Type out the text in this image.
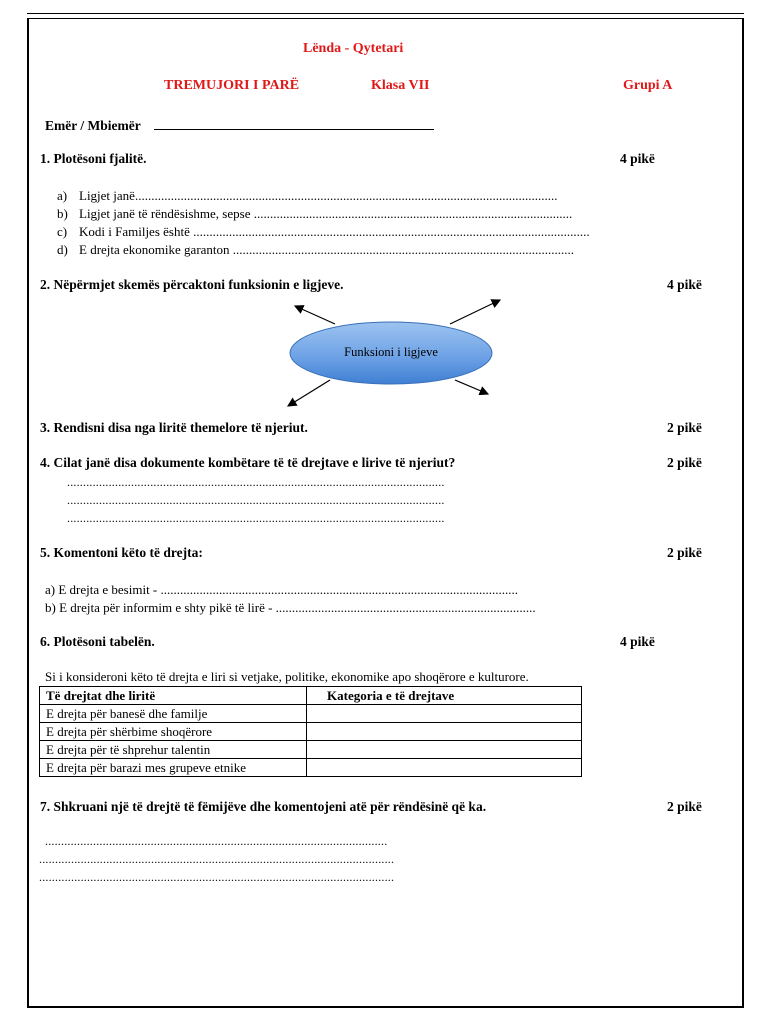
Lënda - Qytetari
TREMUJORI I PARË	Klasa VII	Grupi A
Emër / Mbiemër
1. Plotësoni fjalitë.	4 pikë
a) Ligjet janë..................................................................................................................................
b) Ligjet janë të rëndësishme, sepse ..................................................................................................
c) Kodi i Familjes është ..........................................................................................................................
d) E drejta ekonomike garanton .........................................................................................................
2. Nëpërmjet skemës përcaktoni funksionin e ligjeve.	4 pikë
Funksioni i ligjeve
3. Rendisni disa nga liritë themelore të njeriut.	2 pikë
4. Cilat janë disa dokumente kombëtare të të drejtave e lirive të njeriut?	2 pikë
......................................................................................................................
......................................................................................................................
......................................................................................................................
5. Komentoni këto të drejta:	2 pikë
a) E drejta e besimit - ..............................................................................................................
b) E drejta për informim e shty pikë të lirë - ................................................................................
6. Plotësoni tabelën.	4 pikë
Si i konsideroni këto të drejta e liri si vetjake, politike, ekonomike apo shoqërore e kulturore.
Të drejtat dhe liritë	Kategoria e të drejtave
E drejta për banesë dhe familje	
E drejta për shërbime shoqërore	
E drejta për të shprehur talentin	
E drejta për barazi mes grupeve etnike	
7. Shkruani një të drejtë të fëmijëve dhe komentojeni atë për rëndësinë që ka.	2 pikë
...........................................................................................................
...............................................................................................................
...............................................................................................................
